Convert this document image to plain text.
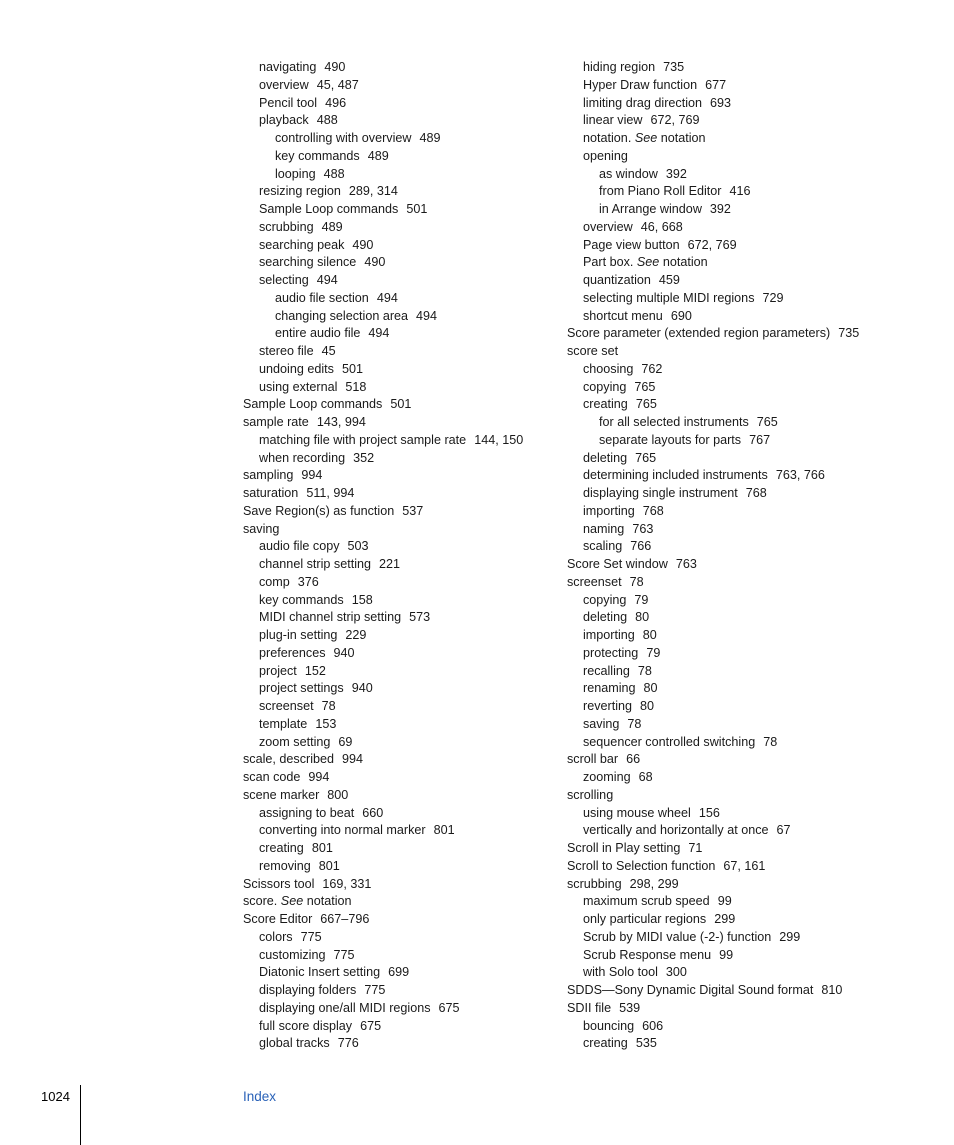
navigating 490
overview 45, 487
Pencil tool 496
playback 488
controlling with overview 489
key commands 489
looping 488
resizing region 289, 314
Sample Loop commands 501
scrubbing 489
searching peak 490
searching silence 490
selecting 494
audio file section 494
changing selection area 494
entire audio file 494
stereo file 45
undoing edits 501
using external 518
Sample Loop commands 501
sample rate 143, 994
matching file with project sample rate 144, 150
when recording 352
sampling 994
saturation 511, 994
Save Region(s) as function 537
saving
audio file copy 503
channel strip setting 221
comp 376
key commands 158
MIDI channel strip setting 573
plug-in setting 229
preferences 940
project 152
project settings 940
screenset 78
template 153
zoom setting 69
scale, described 994
scan code 994
scene marker 800
assigning to beat 660
converting into normal marker 801
creating 801
removing 801
Scissors tool 169, 331
score. See notation
Score Editor 667–796
colors 775
customizing 775
Diatonic Insert setting 699
displaying folders 775
displaying one/all MIDI regions 675
full score display 675
global tracks 776
hiding region 735
Hyper Draw function 677
limiting drag direction 693
linear view 672, 769
notation. See notation
opening
as window 392
from Piano Roll Editor 416
in Arrange window 392
overview 46, 668
Page view button 672, 769
Part box. See notation
quantization 459
selecting multiple MIDI regions 729
shortcut menu 690
Score parameter (extended region parameters) 735
score set
choosing 762
copying 765
creating 765
for all selected instruments 765
separate layouts for parts 767
deleting 765
determining included instruments 763, 766
displaying single instrument 768
importing 768
naming 763
scaling 766
Score Set window 763
screenset 78
copying 79
deleting 80
importing 80
protecting 79
recalling 78
renaming 80
reverting 80
saving 78
sequencer controlled switching 78
scroll bar 66
zooming 68
scrolling
using mouse wheel 156
vertically and horizontally at once 67
Scroll in Play setting 71
Scroll to Selection function 67, 161
scrubbing 298, 299
maximum scrub speed 99
only particular regions 299
Scrub by MIDI value (-2-) function 299
Scrub Response menu 99
with Solo tool 300
SDDS—Sony Dynamic Digital Sound format 810
SDII file 539
bouncing 606
creating 535
1024	Index
